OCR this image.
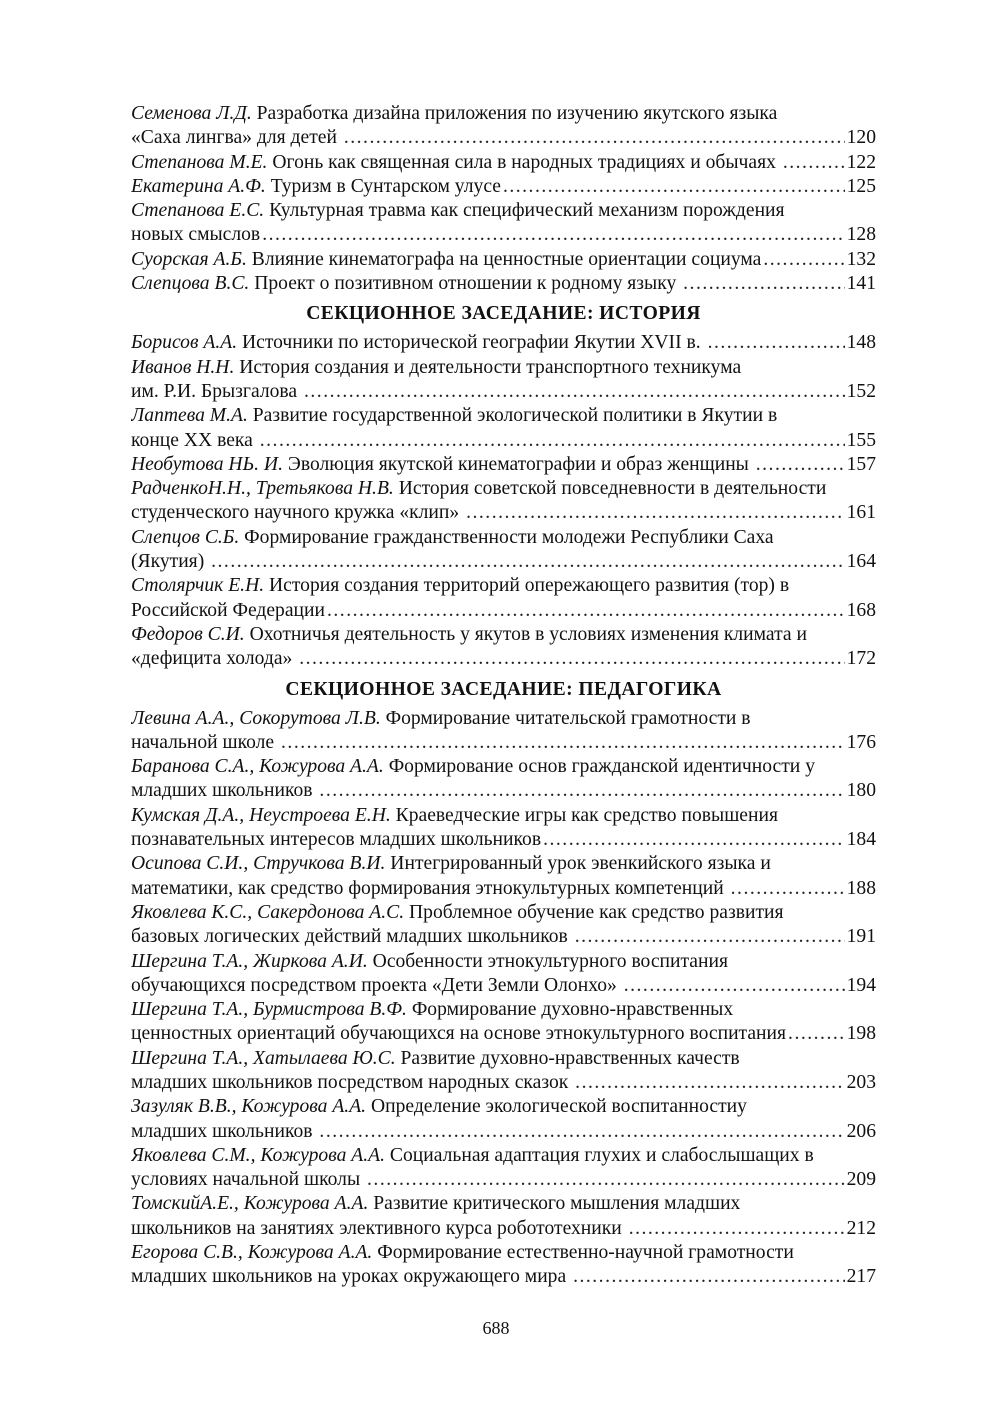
Семенова Л.Д. Разработка дизайна приложения по изучению якутского языка
«Саха лингва» для детей .....	120
Степанова М.Е. Огонь как священная сила в народных традициях и обычаях .....	122
Екатерина А.Ф. Туризм в Сунтарском улусе .....	125
Степанова Е.С. Культурная травма как специфический механизм порождения
новых смыслов .....	128
Суорская А.Б. Влияние кинематографа на ценностные ориентации социума .....	132
Слепцова В.С. Проект о позитивном отношении к родному языку .....	141
СЕКЦИОННОЕ ЗАСЕДАНИЕ: ИСТОРИЯ
Борисов А.А. Источники по исторической географии Якутии XVII в. .....	148
Иванов Н.Н. История создания и деятельности транспортного техникума
им. Р.И. Брызгалова .....	152
Лаптева М.А. Развитие государственной экологической политики в Якутии в
конце XX века .....	155
Необутова НЬ. И. Эволюция якутской кинематографии и образ женщины .....	157
РадченкоН.Н., Третьякова Н.В. История советской повседневности в деятельности
студенческого научного кружка «клип» .....	161
Слепцов С.Б. Формирование гражданственности молодежи Республики Саха
(Якутия) .....	164
Столярчик Е.Н. История создания территорий опережающего развития (тор) в
Российской Федерации .....	168
Федоров С.И. Охотничья деятельность у якутов в условиях изменения климата и
«дефицита холода» .....	172
СЕКЦИОННОЕ ЗАСЕДАНИЕ: ПЕДАГОГИКА
Левина А.А., Сокорутова Л.В. Формирование читательской грамотности в
начальной школе .....	176
Баранова С.А., Кожурова А.А. Формирование основ гражданской идентичности у
младших школьников .....	180
Кумская Д.А., Неустроева Е.Н. Краеведческие игры как средство повышения
познавательных интересов младших школьников .....	184
Осипова С.И., Стручкова В.И. Интегрированный урок эвенкийского языка и
математики, как средство формирования этнокультурных компетенций .....	188
Яковлева К.С., Сакердонова А.С. Проблемное обучение как средство развития
базовых логических действий младших школьников .....	191
Шергина Т.А., Жиркова А.И. Особенности этнокультурного воспитания
обучающихся посредством проекта «Дети Земли Олонхо» .....	194
Шергина Т.А., Бурмистрова В.Ф. Формирование духовно-нравственных
ценностных ориентаций обучающихся на основе этнокультурного воспитания .....	198
Шергина Т.А., Хатылаева Ю.С. Развитие духовно-нравственных качеств
младших школьников посредством народных сказок .....	203
Зазуляк В.В., Кожурова А.А. Определение экологической воспитанностиу
младших школьников .....	206
Яковлева С.М., Кожурова А.А. Социальная адаптация глухих и слабослышащих в
условиях начальной школы .....	209
ТомскийА.Е., Кожурова А.А. Развитие критического мышления младших
школьников на занятиях элективного курса робототехники .....	212
Егорова С.В., Кожурова А.А. Формирование естественно-научной грамотности
младших школьников на уроках окружающего мира .....	217
688
